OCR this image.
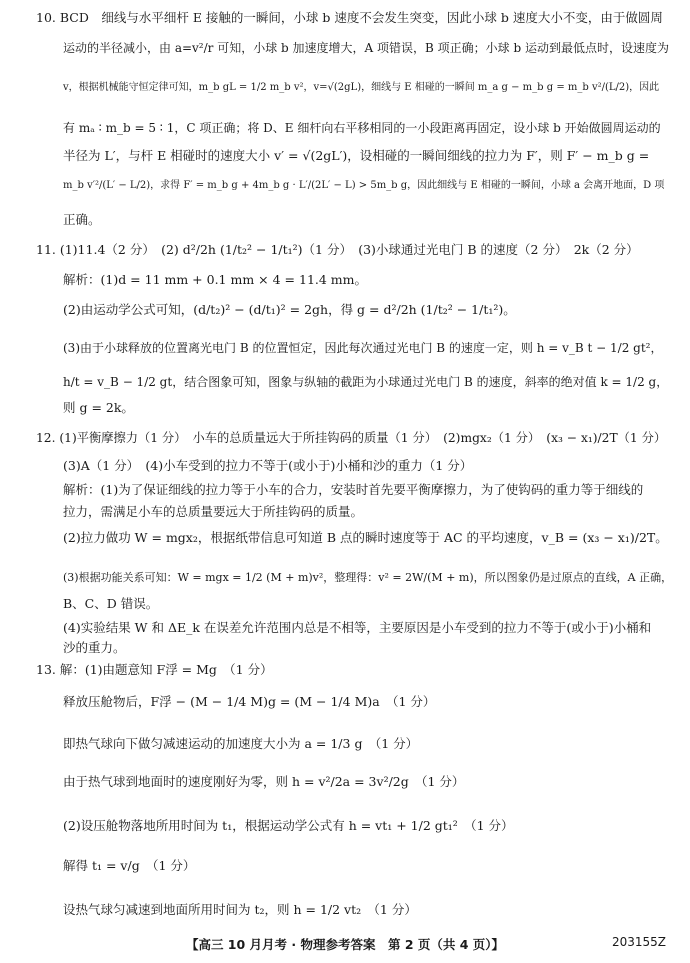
10. BCD　细线与水平细杆 E 接触的一瞬间，小球 b 速度不会发生突变，因此小球 b 速度大小不变，由于做圆周
运动的半径减小，由 a=v²/r 可知，小球 b 加速度增大，A 项错误，B 项正确；小球 b 运动到最低点时，设速度为
v，根据机械能守恒定律可知，m_b gL = 1/2 m_b v²，v=√(2gL)，细线与 E 相碰的一瞬间 m_a g − m_b g = m_b v²/(L/2)，因此
有 mₐ ∶ m_b = 5 ∶ 1，C 项正确；将 D、E 细杆向右平移相同的一小段距离再固定，设小球 b 开始做圆周运动的
半径为 L′，与杆 E 相碰时的速度大小 v′ = √(2gL′)，设相碰的一瞬间细线的拉力为 F′，则 F′ − m_b g =
m_b v′²/(L′ − L/2)，求得 F′ = m_b g + 4m_b g · L′/(2L′ − L) > 5m_b g，因此细线与 E 相碰的一瞬间，小球 a 会离开地面，D 项
正确。
11. (1)11.4（2 分）　(2) d²/2h (1/t₂² − 1/t₁²)（1 分）　(3)小球通过光电门 B 的速度（2 分）　2k（2 分）
解析：(1)d = 11 mm + 0.1 mm × 4 = 11.4 mm。
(2)由运动学公式可知，(d/t₂)² − (d/t₁)² = 2gh，得 g = d²/2h (1/t₂² − 1/t₁²)。
(3)由于小球释放的位置离光电门 B 的位置恒定，因此每次通过光电门 B 的速度一定，则 h = v_B t − 1/2 gt²，
h/t = v_B − 1/2 gt，结合图象可知，图象与纵轴的截距为小球通过光电门 B 的速度，斜率的绝对值 k = 1/2 g，
则 g = 2k。
12. (1)平衡摩擦力（1 分）　小车的总质量远大于所挂钩码的质量（1 分）　(2)mgx₂（1 分）　(x₃ − x₁)/2T（1 分）
(3)A（1 分）　(4)小车受到的拉力不等于(或小于)小桶和沙的重力（1 分）
解析：(1)为了保证细线的拉力等于小车的合力，安装时首先要平衡摩擦力，为了使钩码的重力等于细线的
拉力，需满足小车的总质量要远大于所挂钩码的质量。
(2)拉力做功 W = mgx₂，根据纸带信息可知道 B 点的瞬时速度等于 AC 的平均速度，v_B = (x₃ − x₁)/2T。
(3)根据功能关系可知：W = mgx = 1/2 (M + m)v²，整理得：v² = 2W/(M + m)，所以图象仍是过原点的直线，A 正确，
B、C、D 错误。
(4)实验结果 W 和 ΔE_k 在误差允许范围内总是不相等，主要原因是小车受到的拉力不等于(或小于)小桶和
沙的重力。
13. 解：(1)由题意知 F浮 = Mg　（1 分）
释放压舱物后，F浮 − (M − 1/4 M)g = (M − 1/4 M)a　（1 分）
即热气球向下做匀减速运动的加速度大小为 a = 1/3 g　（1 分）
由于热气球到地面时的速度刚好为零，则 h = v²/2a = 3v²/2g　（1 分）
(2)设压舱物落地所用时间为 t₁，根据运动学公式有 h = vt₁ + 1/2 gt₁²　（1 分）
解得 t₁ = v/g　（1 分）
设热气球匀减速到地面所用时间为 t₂，则 h = 1/2 vt₂　（1 分）
【高三 10 月月考 · 物理参考答案　第 2 页（共 4 页）】	203155Z
